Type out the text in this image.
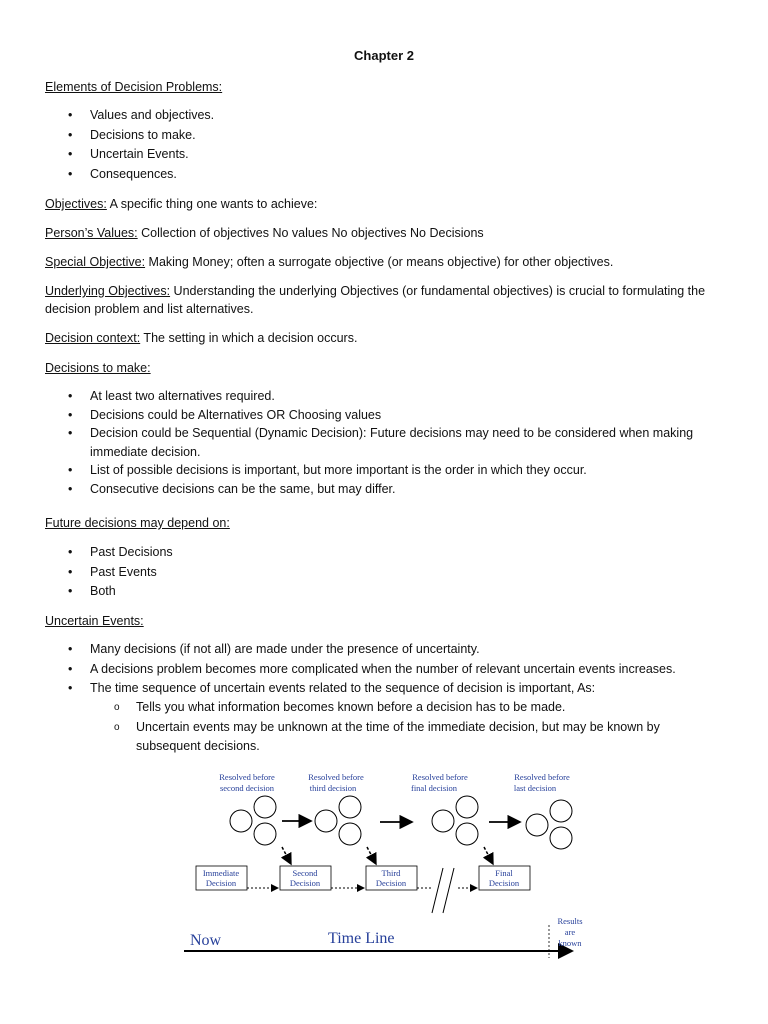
Chapter 2
Elements of Decision Problems:
• Values and objectives.
• Decisions to make.
• Uncertain Events.
• Consequences.
Objectives: A specific thing one wants to achieve:
Person’s Values: Collection of objectives No values No objectives No Decisions
Special Objective: Making Money; often a surrogate objective (or means objective) for other objectives.
Underlying Objectives: Understanding the underlying Objectives (or fundamental objectives) is crucial to formulating the decision problem and list alternatives.
Decision context: The setting in which a decision occurs.
Decisions to make:
• At least two alternatives required.
• Decisions could be Alternatives OR Choosing values
• Decision could be Sequential (Dynamic Decision): Future decisions may need to be considered when making immediate decision.
• List of possible decisions is important, but more important is the order in which they occur.
• Consecutive decisions can be the same, but may differ.
Future decisions may depend on:
• Past Decisions
• Past Events
• Both
Uncertain Events:
• Many decisions (if not all) are made under the presence of uncertainty.
• A decisions problem becomes more complicated when the number of relevant uncertain events increases.
• The time sequence of uncertain events related to the sequence of decision is important, As:
o Tells you what information becomes known before a decision has to be made.
o Uncertain events may be unknown at the time of the immediate decision, but may be known by subsequent decisions.
Resolved before
second decision
Resolved before
third decision
Resolved before
final decision
Resolved before
last decision
Immediate
Decision
Second
Decision
Third
Decision
Final
Decision
Now	Time Line
Results
are
known
